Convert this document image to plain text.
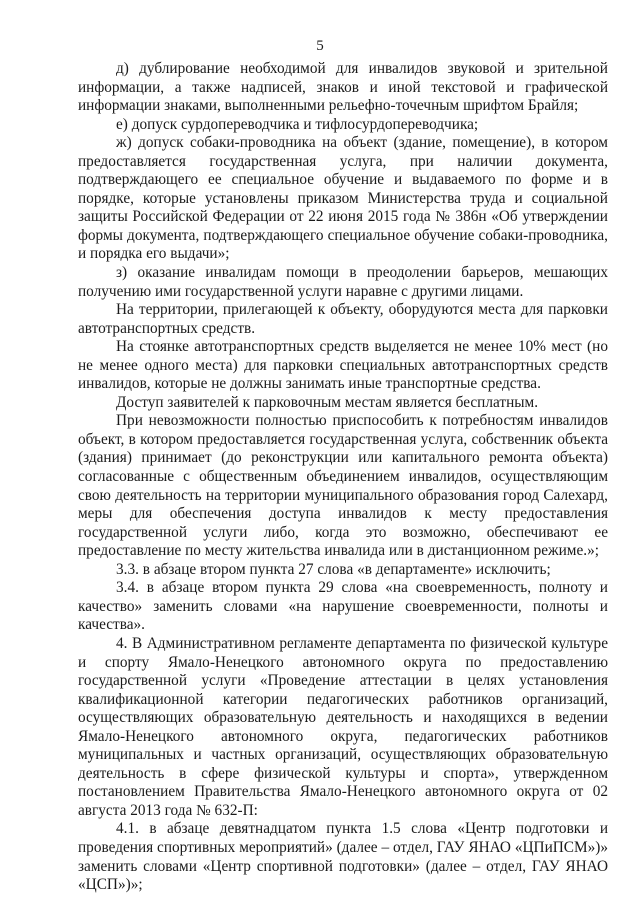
5

д) дублирование необходимой для инвалидов звуковой и зрительной информации, а также надписей, знаков и иной текстовой и графической информации знаками, выполненными рельефно-точечным шрифтом Брайля;

е) допуск сурдопереводчика и тифлосурдопереводчика;

ж) допуск собаки-проводника на объект (здание, помещение), в котором предоставляется государственная услуга, при наличии документа, подтверждающего ее специальное обучение и выдаваемого по форме и в порядке, которые установлены приказом Министерства труда и социальной защиты Российской Федерации от 22 июня 2015 года № 386н «Об утверждении формы документа, подтверждающего специальное обучение собаки-проводника, и порядка его выдачи»;

з) оказание инвалидам помощи в преодолении барьеров, мешающих получению ими государственной услуги наравне с другими лицами.

На территории, прилегающей к объекту, оборудуются места для парковки автотранспортных средств.

На стоянке автотранспортных средств выделяется не менее 10% мест (но не менее одного места) для парковки специальных автотранспортных средств инвалидов, которые не должны занимать иные транспортные средства.

Доступ заявителей к парковочным местам является бесплатным.

При невозможности полностью приспособить к потребностям инвалидов объект, в котором предоставляется государственная услуга, собственник объекта (здания) принимает (до реконструкции или капитального ремонта объекта) согласованные с общественным объединением инвалидов, осуществляющим свою деятельность на территории муниципального образования город Салехард, меры для обеспечения доступа инвалидов к месту предоставления государственной услуги либо, когда это возможно, обеспечивают ее предоставление по месту жительства инвалида или в дистанционном режиме.»;

3.3. в абзаце втором пункта 27 слова «в департаменте» исключить;

3.4. в абзаце втором пункта 29 слова «на своевременность, полноту и качество» заменить словами «на нарушение своевременности, полноты и качества».

4. В Административном регламенте департамента по физической культуре и спорту Ямало-Ненецкого автономного округа по предоставлению государственной услуги «Проведение аттестации в целях установления квалификационной категории педагогических работников организаций, осуществляющих образовательную деятельность и находящихся в ведении Ямало-Ненецкого автономного округа, педагогических работников муниципальных и частных организаций, осуществляющих образовательную деятельность в сфере физической культуры и спорта», утвержденном постановлением Правительства Ямало-Ненецкого автономного округа от 02 августа 2013 года № 632-П:

4.1. в абзаце девятнадцатом пункта 1.5 слова «Центр подготовки и проведения спортивных мероприятий» (далее – отдел, ГАУ ЯНАО «ЦПиПСМ»)» заменить словами «Центр спортивной подготовки» (далее – отдел, ГАУ ЯНАО «ЦСП»)»;
